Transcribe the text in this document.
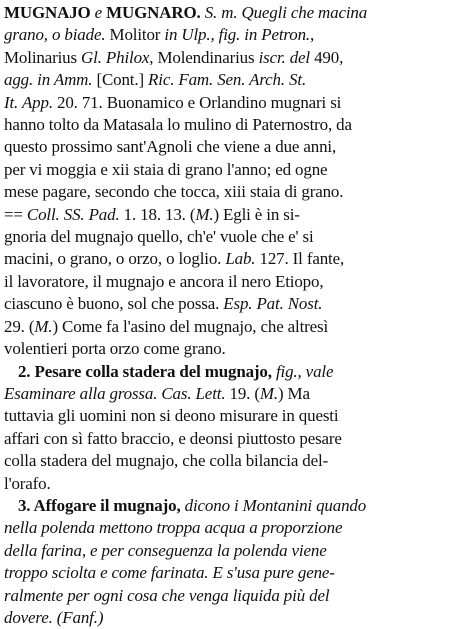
MUGNAJO e MUGNARO. S. m. Quegli che macina
grano, o biade. Molitor in Ulp., fig. in Petron.,
Molinarius Gl. Philox, Molendinarius iscr. del 490,
agg. in Amm. [Cont.] Ric. Fam. Sen. Arch. St.
It. App. 20. 71. Buonamico e Orlandino mugnari si
hanno tolto da Matasala lo mulino di Paternostro, da
questo prossimo sant'Agnoli che viene a due anni,
per vi moggia e xii staia di grano l'anno; ed ogne
mese pagare, secondo che tocca, xiii staia di grano.
== Coll. SS. Pad. 1. 18. 13. (M.) Egli è in si-
gnoria del mugnajo quello, ch'e' vuole che e' si
macini, o grano, o orzo, o loglio. Lab. 127. Il fante,
il lavoratore, il mugnajo e ancora il nero Etiopo,
ciascuno è buono, sol che possa. Esp. Pat. Nost.
29. (M.) Come fa l'asino del mugnajo, che altresì
volentieri porta orzo come grano.
2. Pesare colla stadera del mugnajo, fig., vale
Esaminare alla grossa. Cas. Lett. 19. (M.) Ma
tuttavia gli uomini non si deono misurare in questi
affari con sì fatto braccio, e deonsi piuttosto pesare
colla stadera del mugnajo, che colla bilancia del-
l'orafo.
3. Affogare il mugnajo, dicono i Montanini quando
nella polenda mettono troppa acqua a proporzione
della farina, e per conseguenza la polenda viene
troppo sciolta e come farinata. E s'usa pure gene-
ralmente per ogni cosa che venga liquida più del
dovere. (Fanf.)
